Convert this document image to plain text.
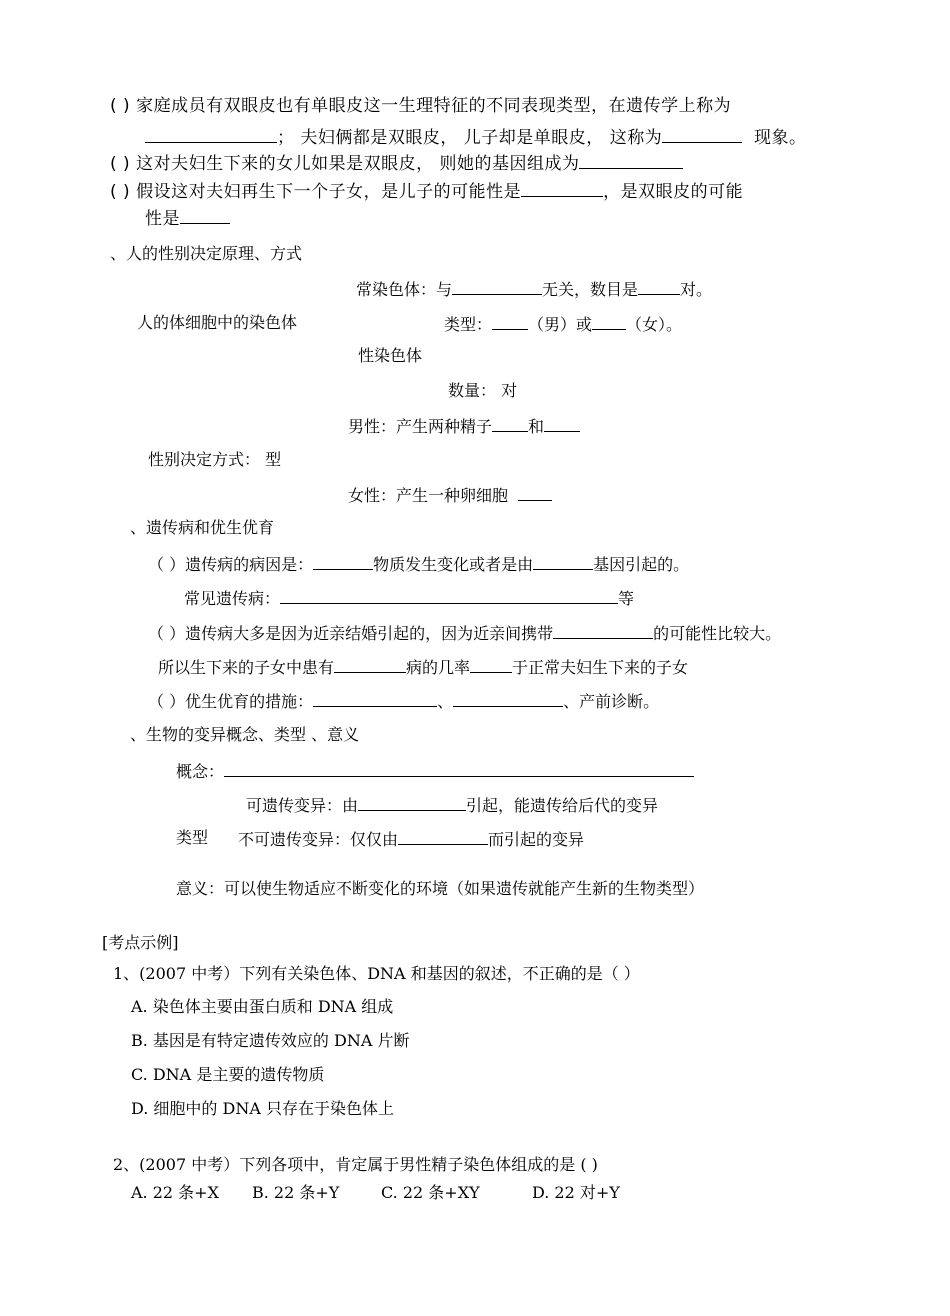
( ) 家庭成员有双眼皮也有单眼皮这一生理特征的不同表现类型，在遗传学上称为
； 夫妇俩都是双眼皮， 儿子却是单眼皮， 这称为	现象。
( ) 这对夫妇生下来的女儿如果是双眼皮， 则她的基因组成为
( ) 假设这对夫妇再生下一个子女，是儿子的可能性是	，是双眼皮的可能
性是
、人的性别决定原理、方式
常染色体：与	无关，数目是	对。
人的体细胞中的染色体	类型： （男）或 （女）。
性染色体
数量： 对
男性：产生两种精子 和
性别决定方式： 型
女性：产生一种卵细胞
、遗传病和优生优育
（ ）遗传病的病因是：	物质发生变化或者是由	基因引起的。
常见遗传病：	等
（ ）遗传病大多是因为近亲结婚引起的，因为近亲间携带	的可能性比较大。
所以生下来的子女中患有	病的几率	于正常夫妇生下来的子女
（ ）优生优育的措施：	、	、产前诊断。
、生物的变异概念、类型 、意义
概念：
可遗传变异：由	引起，能遗传给后代的变异
类型 不可遗传变异：仅仅由	而引起的变异
意义：可以使生物适应不断变化的环境（如果遗传就能产生新的生物类型）
[考点示例]
1、(2007 中考）下列有关染色体、DNA 和基因的叙述，不正确的是（ ）
A. 染色体主要由蛋白质和 DNA 组成
B. 基因是有特定遗传效应的 DNA 片断
C. DNA 是主要的遗传物质
D. 细胞中的 DNA 只存在于染色体上
2、(2007 中考）下列各项中，肯定属于男性精子染色体组成的是 ( )
A. 22 条+X B. 22 条+Y	C. 22 条+XY	D. 22 对+Y
